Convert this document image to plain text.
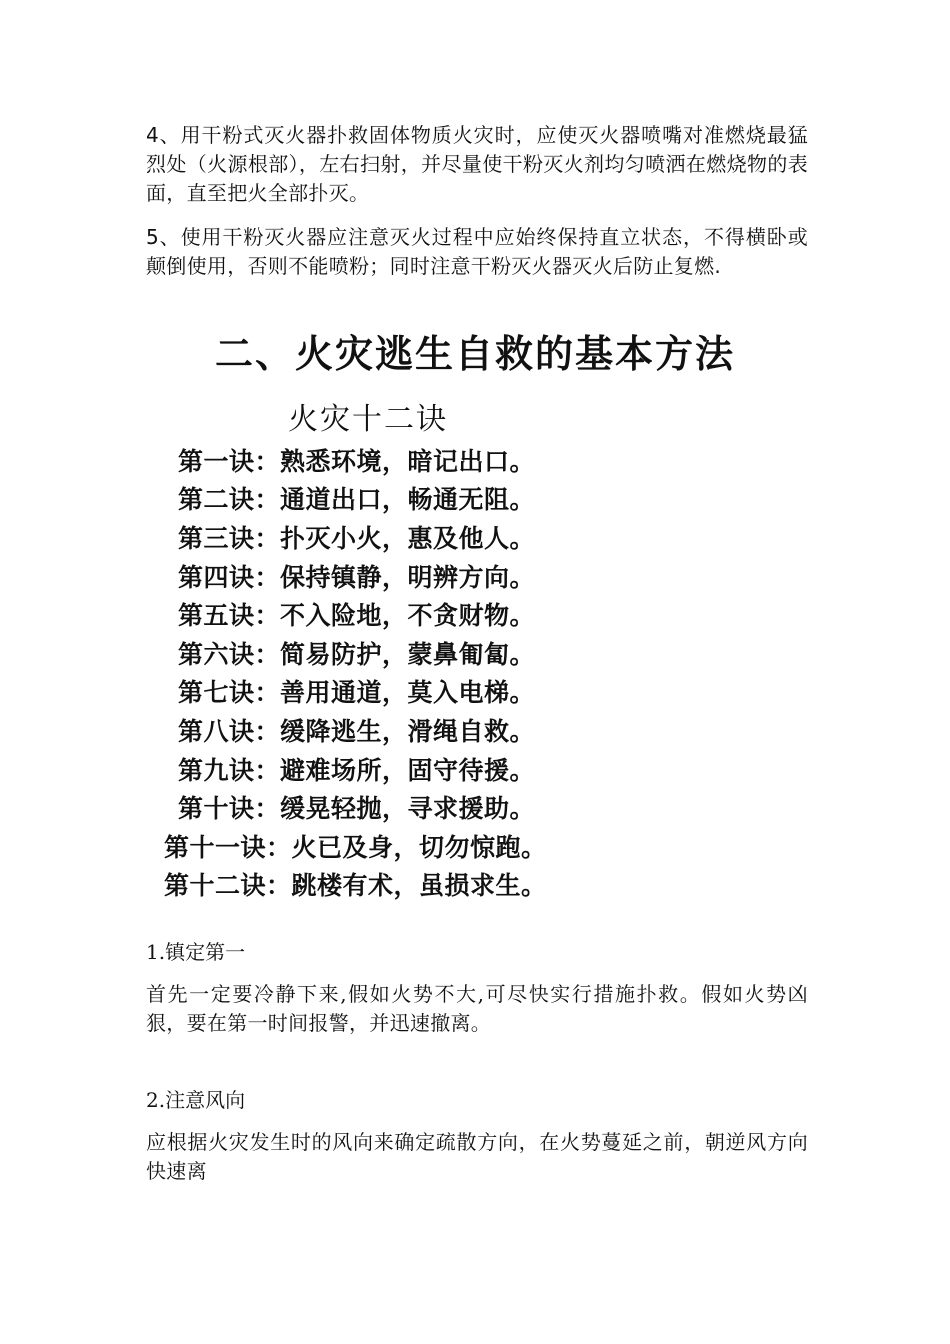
4、用干粉式灭火器扑救固体物质火灾时，应使灭火器喷嘴对准燃烧最猛烈处（火源根部），左右扫射，并尽量使干粉灭火剂均匀喷洒在燃烧物的表面，直至把火全部扑灭。

5、使用干粉灭火器应注意灭火过程中应始终保持直立状态，不得横卧或颠倒使用，否则不能喷粉；同时注意干粉灭火器灭火后防止复燃.

二、火灾逃生自救的基本方法

火灾十二诀

第一诀：熟悉环境，暗记出口。

第二诀：通道出口，畅通无阻。

第三诀：扑灭小火，惠及他人。

第四诀：保持镇静，明辨方向。

第五诀：不入险地，不贪财物。

第六诀：简易防护，蒙鼻匍匐。

第七诀：善用通道，莫入电梯。

第八诀：缓降逃生，滑绳自救。

第九诀：避难场所，固守待援。

第十诀：缓晃轻抛，寻求援助。

第十一诀：火已及身，切勿惊跑。

第十二诀：跳楼有术，虽损求生。

1.镇定第一

首先一定要冷静下来,假如火势不大,可尽快实行措施扑救。假如火势凶狠，要在第一时间报警，并迅速撤离。

2.注意风向

应根据火灾发生时的风向来确定疏散方向，在火势蔓延之前，朝逆风方向快速离
